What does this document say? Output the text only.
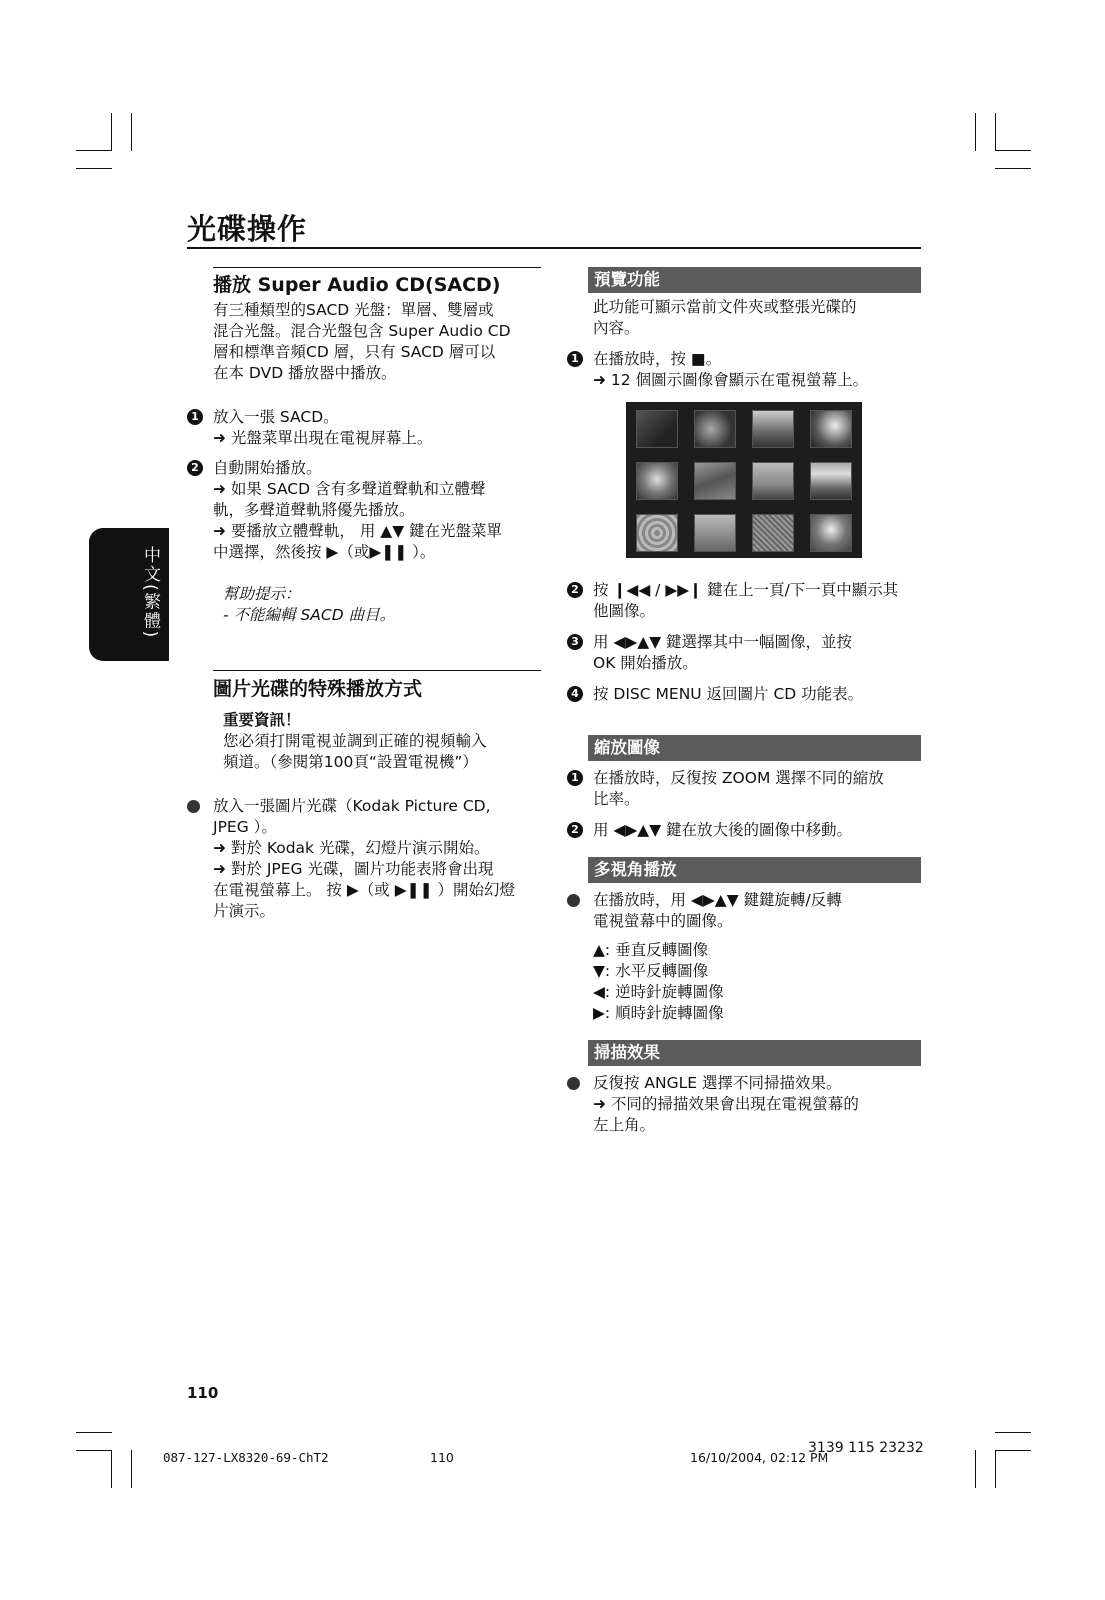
光碟操作
中文(繁體)
播放 Super Audio CD(SACD)
有三種類型的SACD 光盤：單層、雙層或
混合光盤。混合光盤包含 Super Audio CD
層和標準音頻CD 層，只有 SACD 層可以
在本 DVD 播放器中播放。
1 放入一張 SACD。
➜ 光盤菜單出現在電視屏幕上。
2 自動開始播放。
➜ 如果 SACD 含有多聲道聲軌和立體聲
軌，多聲道聲軌將優先播放。
➜ 要播放立體聲軌， 用 ▲▼ 鍵在光盤菜單
中選擇，然後按 ▶（或▶❚❚ ）。
幫助提示：
- 不能編輯 SACD 曲目。
圖片光碟的特殊播放方式
重要資訊！
您必須打開電視並調到正確的視頻輸入
頻道。（參閱第100頁“設置電視機”）
放入一張圖片光碟（Kodak Picture CD,
JPEG ）。
➜ 對於 Kodak 光碟，幻燈片演示開始。
➜ 對於 JPEG 光碟，圖片功能表將會出現
在電視螢幕上。 按 ▶（或 ▶❚❚ ）開始幻燈
片演示。
預覽功能
此功能可顯示當前文件夾或整張光碟的
內容。
1 在播放時，按 ■。
➜ 12 個圖示圖像會顯示在電視螢幕上。
2 按 ❙◀◀ / ▶▶❙ 鍵在上一頁/下一頁中顯示其
他圖像。
3 用 ◀▶▲▼ 鍵選擇其中一幅圖像，並按
OK 開始播放。
4 按 DISC MENU 返回圖片 CD 功能表。
縮放圖像
1 在播放時，反復按 ZOOM 選擇不同的縮放
比率。
2 用 ◀▶▲▼ 鍵在放大後的圖像中移動。
多視角播放
在播放時，用 ◀▶▲▼ 鍵鍵旋轉/反轉
電視螢幕中的圖像。
▲: 垂直反轉圖像
▼: 水平反轉圖像
◀: 逆時針旋轉圖像
▶: 順時針旋轉圖像
掃描效果
反復按 ANGLE 選擇不同掃描效果。
➜ 不同的掃描效果會出現在電視螢幕的
左上角。
110
087-127-LX8320-69-ChT2	110	16/10/2004, 02:12 PM
3139 115 23232
